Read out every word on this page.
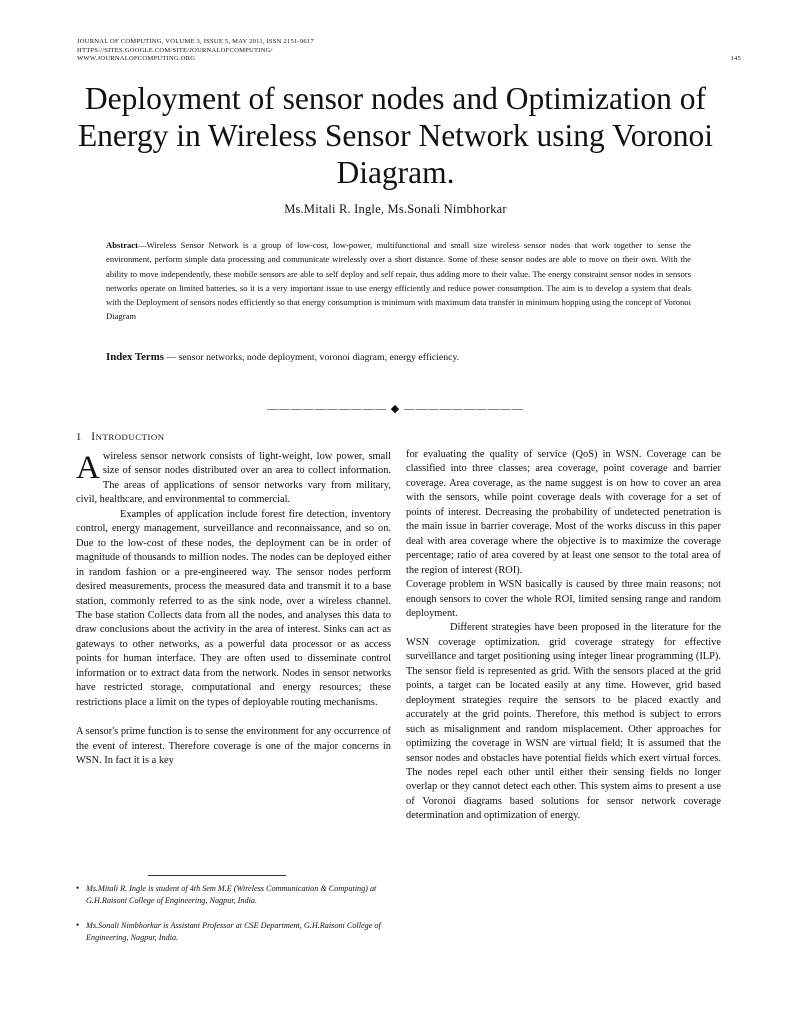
JOURNAL OF COMPUTING, VOLUME 3, ISSUE 5, MAY 2011, ISSN 2151-9617
HTTPS://SITES.GOOGLE.COM/SITE/JOURNALOFCOMPUTING/
WWW.JOURNALOFCOMPUTING.ORG	145
Deployment of sensor nodes and Optimization of Energy in Wireless Sensor Network using Voronoi Diagram.
Ms.Mitali R. Ingle, Ms.Sonali Nimbhorkar
Abstract—Wireless Sensor Network is a group of low-cost, low-power, multifunctional and small size wireless sensor nodes that work together to sense the environment, perform simple data processing and communicate wirelessly over a short distance. Some of these sensor nodes are able to move on their own. With the ability to move independently, these mobile sensors are able to self deploy and self repair, thus adding more to their value. The energy constraint sensor nodes in sensors networks operate on limited batteries, so it is a very important issue to use energy efficiently and reduce power consumption. The aim is to develop a system that deals with the Deployment of sensors nodes efficiently so that energy consumption is minimum with maximum data transfer in minimum hopping using the concept of Voronoi Diagram
Index Terms — sensor networks, node deployment, voronoi diagram, energy efficiency.
—————————— ◆ ——————————
1 INTRODUCTION

Awireless sensor network consists of light-weight, low power, small size of sensor nodes distributed over an area to collect information. The areas of applications of sensor networks vary from military, civil, healthcare, and environmental to commercial.

Examples of application include forest fire detection, inventory control, energy management, surveillance and reconnaissance, and so on. Due to the low-cost of these nodes, the deployment can be in order of magnitude of thousands to million nodes. The nodes can be deployed either in random fashion or a pre-engineered way. The sensor nodes perform desired measurements, process the measured data and transmit it to a base station, commonly referred to as the sink node, over a wireless channel. The base station Collects data from all the nodes, and analyses this data to draw conclusions about the activity in the area of interest. Sinks can act as gateways to other networks, as a powerful data processor or as access points for human interface. They are often used to disseminate control information or to extract data from the network. Nodes in sensor networks have restricted storage, computational and energy resources; these restrictions place a limit on the types of deployable routing mechanisms.

A sensor's prime function is to sense the environment for any occurrence of the event of interest. Therefore coverage is one of the major concerns in WSN. In fact it is a key

for evaluating the quality of service (QoS) in WSN. Coverage can be classified into three classes; area coverage, point coverage and barrier coverage. Area coverage, as the name suggest is on how to cover an area with the sensors, while point coverage deals with coverage for a set of points of interest. Decreasing the probability of undetected penetration is the main issue in barrier coverage. Most of the works discuss in this paper deal with area coverage where the objective is to maximize the coverage percentage; ratio of area covered by at least one sensor to the total area of the region of interest (ROI).

Coverage problem in WSN basically is caused by three main reasons; not enough sensors to cover the whole ROI, limited sensing range and random deployment.

Different strategies have been proposed in the literature for the WSN coverage optimization. grid coverage strategy for effective surveillance and target positioning using integer linear programming (ILP). The sensor field is represented as grid. With the sensors placed at the grid points, a target can be located easily at any time. However, grid based deployment strategies require the sensors to be placed exactly and accurately at the grid points. Therefore, this method is subject to errors such as misalignment and random misplacement. Other approaches for optimizing the coverage in WSN are virtual field; It is assumed that the sensor nodes and obstacles have potential fields which exert virtual forces. The nodes repel each other until either their sensing fields no longer overlap or they cannot detect each other. This system aims to present a use of Voronoi diagrams based solutions for sensor network coverage determination and optimization of energy.

• Ms.Mitali R. Ingle is student of 4th Sem M.E (Wireless Communication & Computing) at G.H.Raisoni College of Engineering, Nagpur, India.
• Ms.Sonali Nimbhorkar is Assistant Professor at CSE Department, G.H.Raisoni College of Engineering, Nagpur, India.
